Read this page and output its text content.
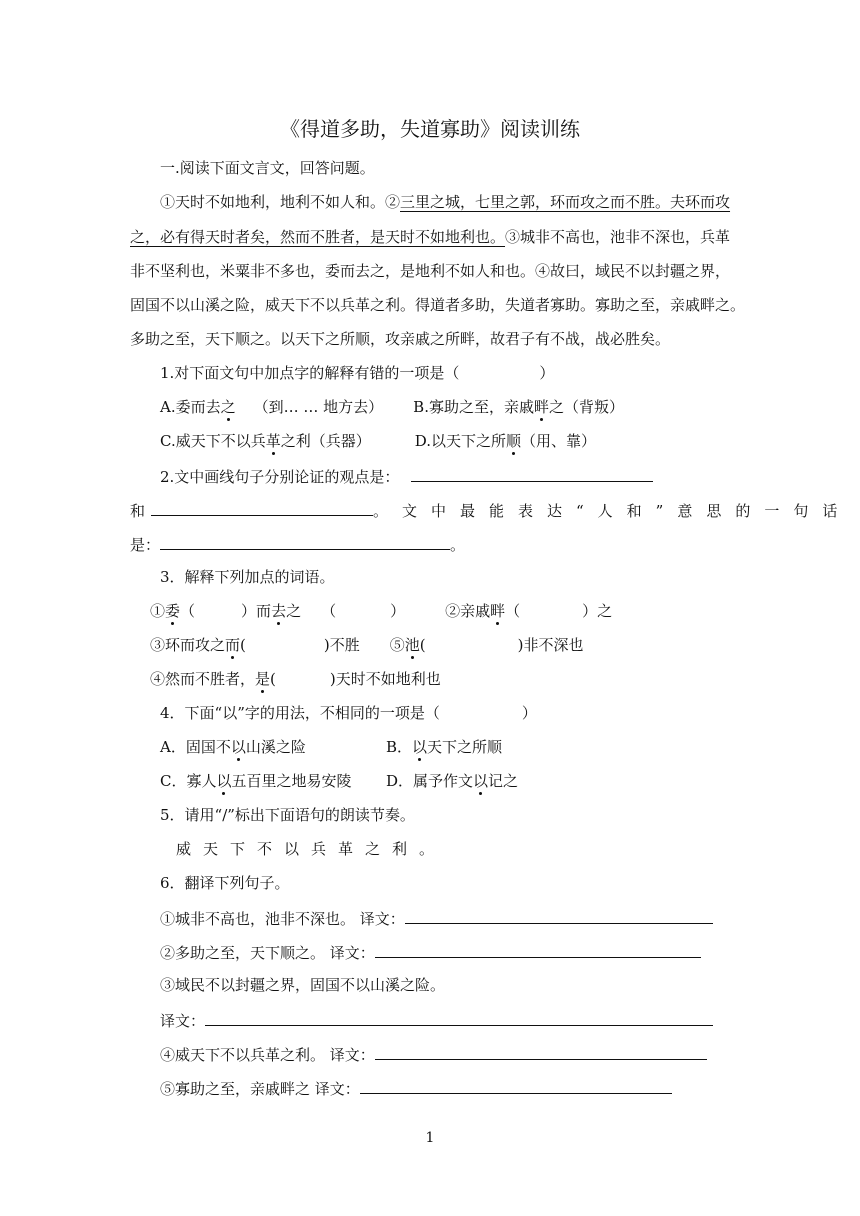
《得道多助，失道寡助》阅读训练
一.阅读下面文言文，回答问题。
①天时不如地利，地利不如人和。②三里之城，七里之郭，环而攻之而不胜。夫环而攻
之，必有得天时者矣，然而不胜者，是天时不如地利也。③城非不高也，池非不深也，兵革
非不坚利也，米粟非不多也，委而去之，是地利不如人和也。④故曰，域民不以封疆之界，
固国不以山溪之险，威天下不以兵革之利。得道者多助，失道者寡助。寡助之至，亲戚畔之。
多助之至，天下顺之。以天下之所顺，攻亲戚之所畔，故君子有不战，战必胜矣。
1.对下面文句中加点字的解释有错的一项是（	）
A.委而去之 （到… … 地方去） B.寡助之至，亲戚畔之（背叛）
C.威天下不以兵革之利（兵器）	D.以天下之所顺（用、靠）
2.文中画线句子分别论证的观点是：
和	。文中最能表达“人和”意思的一句话
是：	。
3．解释下列加点的词语。
①委（	）而去之 （	）	②亲戚畔（	）之
③环而攻之而(	)不胜 ⑤池(	)非不深也
④然而不胜者，是(	)天时不如地利也
4．下面“以”字的用法，不相同的一项是（	）
A．固国不以山溪之险	B．以天下之所顺
C．寡人以五百里之地易安陵 D．属予作文以记之
5．请用“/”标出下面语句的朗读节奏。
威天下不以兵革之利。
6．翻译下列句子。
①城非不高也，池非不深也。 译文：
②多助之至，天下顺之。 译文：
③域民不以封疆之界，固国不以山溪之险。
译文：
④威天下不以兵革之利。 译文：
⑤寡助之至，亲戚畔之 译文：
1
